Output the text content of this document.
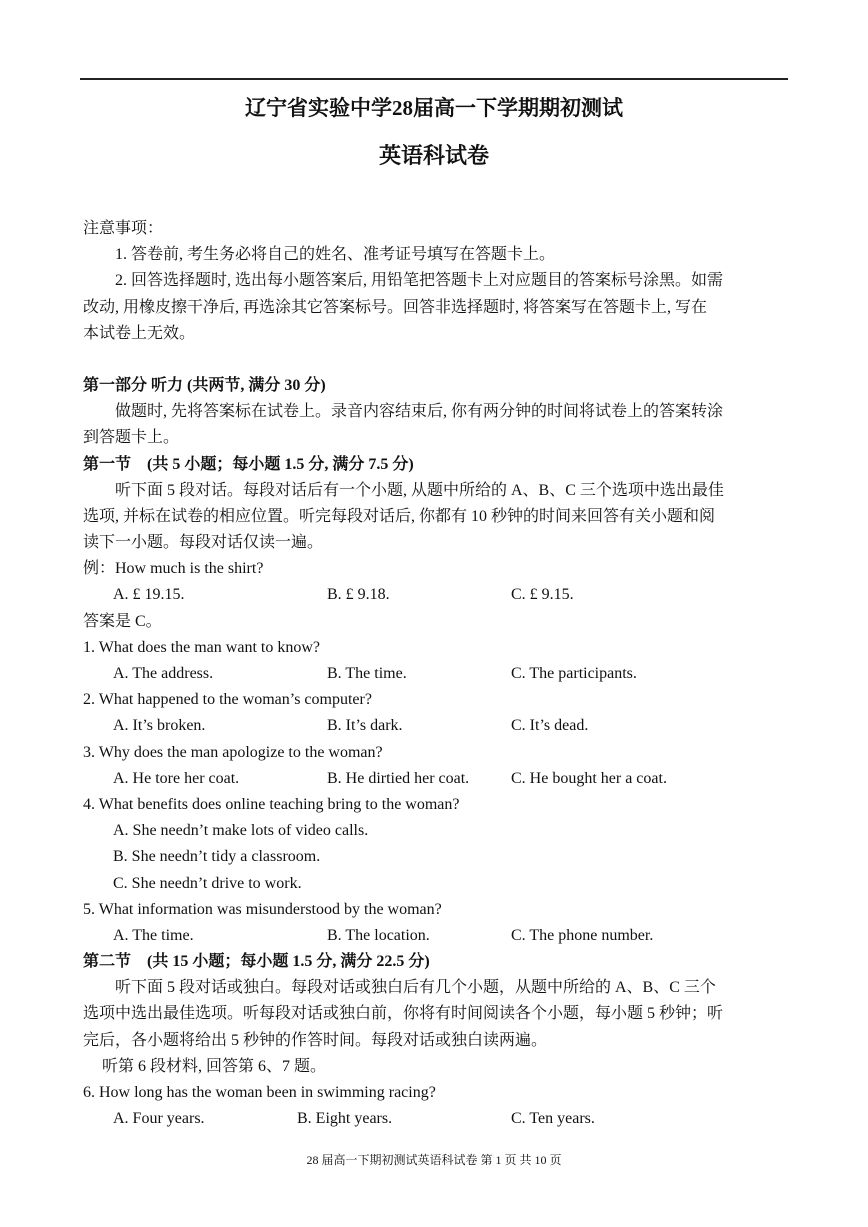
辽宁省实验中学28届高一下学期期初测试
英语科试卷
注意事项：
1. 答卷前, 考生务必将自己的姓名、准考证号填写在答题卡上。
2. 回答选择题时, 选出每小题答案后, 用铅笔把答题卡上对应题目的答案标号涂黑。如需
改动, 用橡皮擦干净后, 再选涂其它答案标号。回答非选择题时, 将答案写在答题卡上, 写在
本试卷上无效。
第一部分 听力 (共两节, 满分 30 分)
做题时, 先将答案标在试卷上。录音内容结束后, 你有两分钟的时间将试卷上的答案转涂
到答题卡上。
第一节　(共 5 小题；每小题 1.5 分, 满分 7.5 分)
听下面 5 段对话。每段对话后有一个小题, 从题中所给的 A、B、C 三个选项中选出最佳
选项, 并标在试卷的相应位置。听完每段对话后, 你都有 10 秒钟的时间来回答有关小题和阅
读下一小题。每段对话仅读一遍。
例：How much is the shirt?
A. £ 19.15.	B. £ 9.18.	C. £ 9.15.
答案是 C。
1. What does the man want to know?
A. The address.	B. The time.	C. The participants.
2. What happened to the woman’s computer?
A. It’s broken.	B. It’s dark.	C. It’s dead.
3. Why does the man apologize to the woman?
A. He tore her coat.	B. He dirtied her coat.	C. He bought her a coat.
4. What benefits does online teaching bring to the woman?
A. She needn’t make lots of video calls.
B. She needn’t tidy a classroom.
C. She needn’t drive to work.
5. What information was misunderstood by the woman?
A. The time.	B. The location.	C. The phone number.
第二节　(共 15 小题；每小题 1.5 分, 满分 22.5 分)
听下面 5 段对话或独白。每段对话或独白后有几个小题，从题中所给的 A、B、C 三个
选项中选出最佳选项。听每段对话或独白前，你将有时间阅读各个小题，每小题 5 秒钟；听
完后，各小题将给出 5 秒钟的作答时间。每段对话或独白读两遍。
听第 6 段材料, 回答第 6、7 题。
6. How long has the woman been in swimming racing?
A. Four years.	B. Eight years.	C. Ten years.
28 届高一下期初测试英语科试卷 第 1 页 共 10 页
